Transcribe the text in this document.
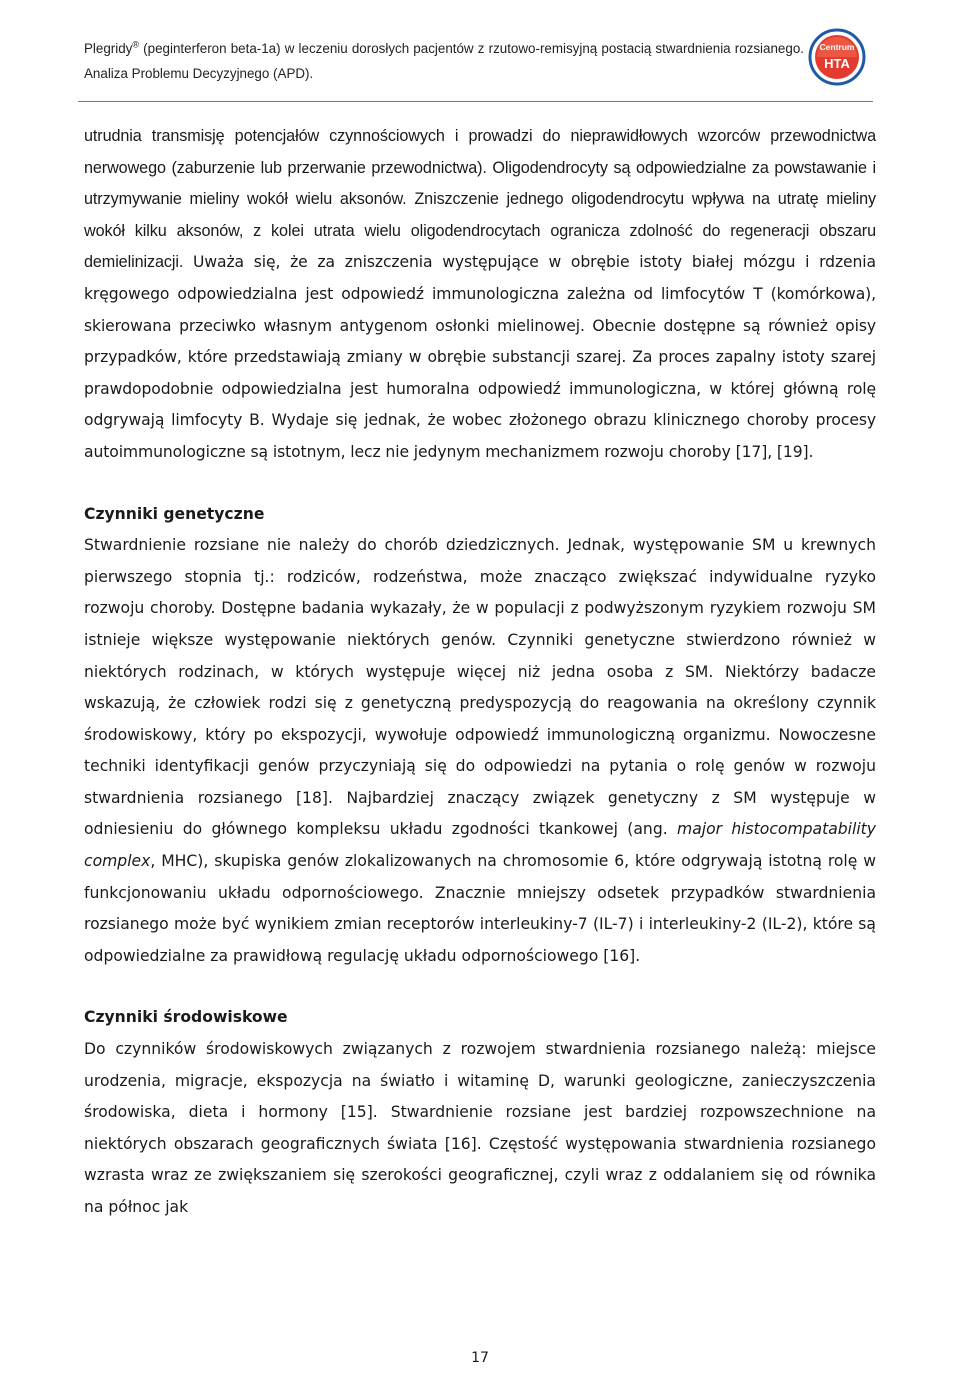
Plegridy® (peginterferon beta-1a) w leczeniu dorosłych pacjentów z rzutowo-remisyjną postacią stwardnienia rozsianego. Analiza Problemu Decyzyjnego (APD).
Centrum
HTA

utrudnia transmisję potencjałów czynnościowych i prowadzi do nieprawidłowych wzorców przewodnictwa nerwowego (zaburzenie lub przerwanie przewodnictwa). Oligodendrocyty są odpowiedzialne za powstawanie i utrzymywanie mieliny wokół wielu aksonów. Zniszczenie jednego oligodendrocytu wpływa na utratę mieliny wokół kilku aksonów, z kolei utrata wielu oligodendrocytach ogranicza zdolność do regeneracji obszaru demielinizacji. Uważa się, że za zniszczenia występujące w obrębie istoty białej mózgu i rdzenia kręgowego odpowiedzialna jest odpowiedź immunologiczna zależna od limfocytów T (komórkowa), skierowana przeciwko własnym antygenom osłonki mielinowej. Obecnie dostępne są również opisy przypadków, które przedstawiają zmiany w obrębie substancji szarej. Za proces zapalny istoty szarej prawdopodobnie odpowiedzialna jest humoralna odpowiedź immunologiczna, w której główną rolę odgrywają limfocyty B. Wydaje się jednak, że wobec złożonego obrazu klinicznego choroby procesy autoimmunologiczne są istotnym, lecz nie jedynym mechanizmem rozwoju choroby [17], [19].

Czynniki genetyczne

Stwardnienie rozsiane nie należy do chorób dziedzicznych. Jednak, występowanie SM u krewnych pierwszego stopnia tj.: rodziców, rodzeństwa, może znacząco zwiększać indywidualne ryzyko rozwoju choroby. Dostępne badania wykazały, że w populacji z podwyższonym ryzykiem rozwoju SM istnieje większe występowanie niektórych genów. Czynniki genetyczne stwierdzono również w niektórych rodzinach, w których występuje więcej niż jedna osoba z SM. Niektórzy badacze wskazują, że człowiek rodzi się z genetyczną predyspozycją do reagowania na określony czynnik środowiskowy, który po ekspozycji, wywołuje odpowiedź immunologiczną organizmu. Nowoczesne techniki identyfikacji genów przyczyniają się do odpowiedzi na pytania o rolę genów w rozwoju stwardnienia rozsianego [18]. Najbardziej znaczący związek genetyczny z SM występuje w odniesieniu do głównego kompleksu układu zgodności tkankowej (ang. major histocompatability complex, MHC), skupiska genów zlokalizowanych na chromosomie 6, które odgrywają istotną rolę w funkcjonowaniu układu odpornościowego. Znacznie mniejszy odsetek przypadków stwardnienia rozsianego może być wynikiem zmian receptorów interleukiny-7 (IL-7) i interleukiny-2 (IL-2), które są odpowiedzialne za prawidłową regulację układu odpornościowego [16].

Czynniki środowiskowe

Do czynników środowiskowych związanych z rozwojem stwardnienia rozsianego należą: miejsce urodzenia, migracje, ekspozycja na światło i witaminę D, warunki geologiczne, zanieczyszczenia środowiska, dieta i hormony [15]. Stwardnienie rozsiane jest bardziej rozpowszechnione na niektórych obszarach geograficznych świata [16]. Częstość występowania stwardnienia rozsianego wzrasta wraz ze zwiększaniem się szerokości geograficznej, czyli wraz z oddalaniem się od równika na północ jak

17
